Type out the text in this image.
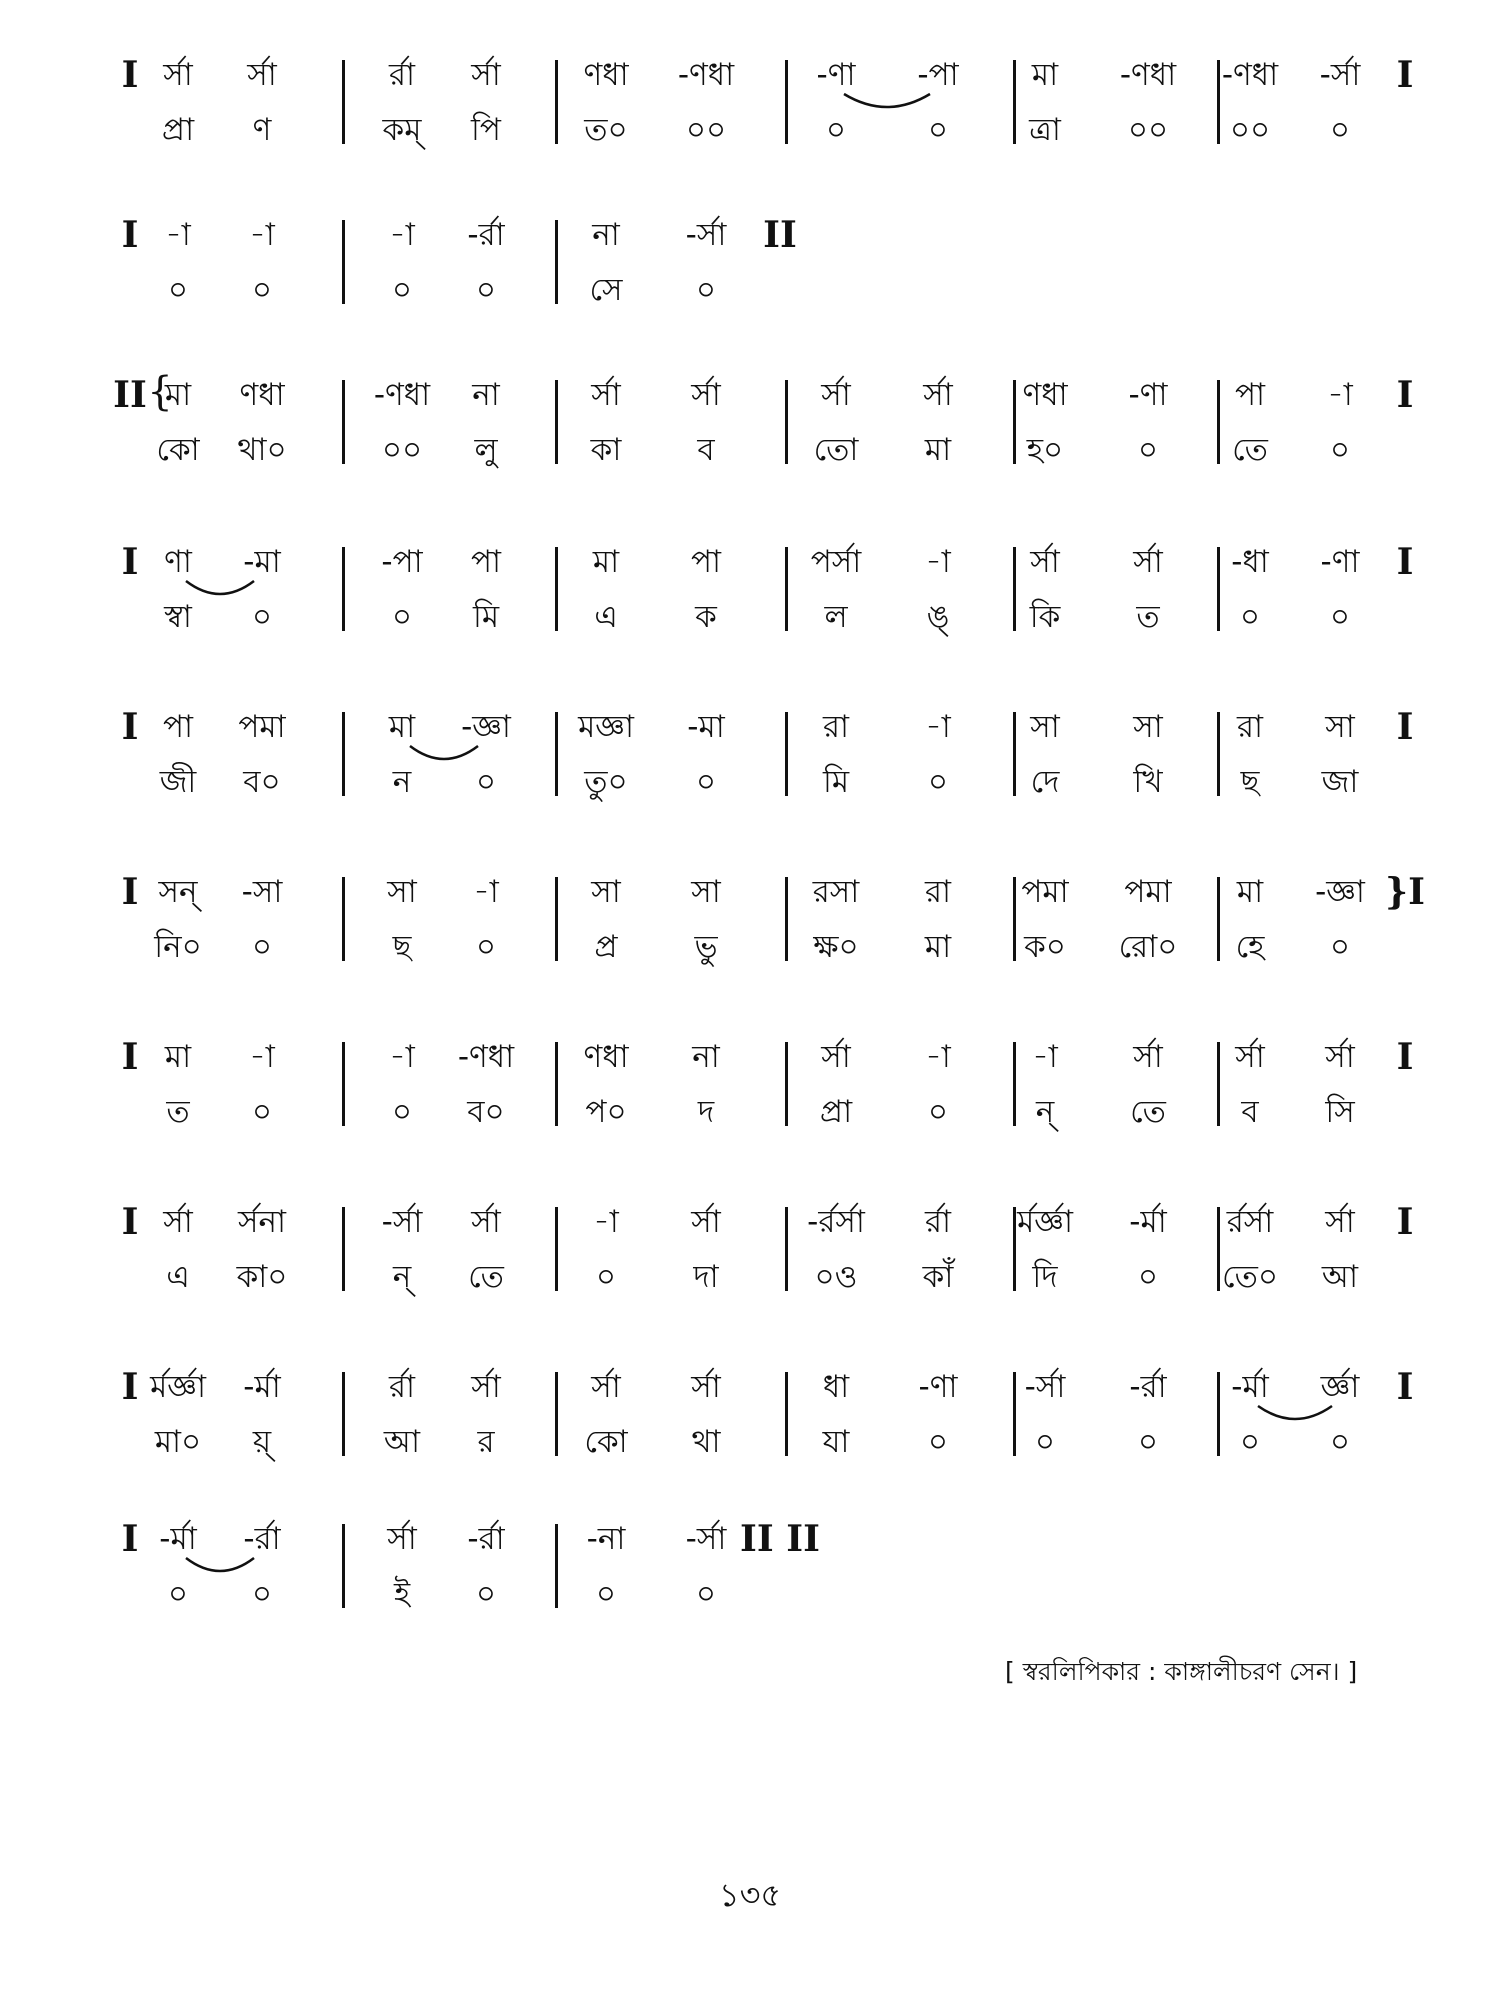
I র্সা
প্রা
র্সা
ণ
র্রা
কম্
র্সা
পি
ণধা
ত০
-ণধা
০০
-ণা
০
-পা
০
মা
ত্রা
-ণধা
০০
-ণধা
০০
-র্সা
০
I
I -া
০
-া
০
-া
০
-র্রা
০
না
সে
-র্সা
০
II
II {
মা
কো
ণধা
থা০
-ণধা
০০
না
লু
র্সা
কা
র্সা
ব
র্সা
তো
র্সা
মা
ণধা
হ০
-ণা
০
পা
তে
-া
০
I
I ণা
স্বা
-মা
০
-পা
০
পা
মি
মা
এ
পা
ক
পর্সা
ল
-া
ঙ্
র্সা
কি
র্সা
ত
-ধা
০
-ণা
০
I
I পা
জী
পমা
ব০
মা
ন
-জ্ঞা
০
মজ্ঞা
তু০
-মা
০
রা
মি
-া
০
সা
দে
সা
খি
রা
ছ
সা
জা
I
I সন্
নি০
-সা
০
সা
ছ
-া
০
সা
প্র
সা
ভু
রসা
ক্ষ০
রা
মা
পমা
ক০
পমা
রো০
মা
হে
-জ্ঞা
০
}I
I মা
ত
-া
০
-া
০
-ণধা
ব০
ণধা
প০
না
দ
র্সা
প্রা
-া
০
-া
ন্
র্সা
তে
র্সা
ব
র্সা
সি
I
I র্সা
এ
র্সনা
কা০
-র্সা
ন্
র্সা
তে
-া
০
র্সা
দা
-র্রর্সা
০ও
র্রা
কাঁ
র্মর্জ্ঞা
দি
-র্মা
০
র্রর্সা
তে০
র্সা
আ
I
I র্মর্জ্ঞা
মা০
-র্মা
য়্
র্রা
আ
র্সা
র
র্সা
কো
র্সা
থা
ধা
যা
-ণা
০
-র্সা
০
-র্রা
০
-র্মা
০
র্জ্ঞা
০
I
I -র্মা
০
-র্রা
০
র্সা
ই
-র্রা
০
-না
০
-র্সা
০
II II
[ স্বরলিপিকার : কাঙ্গালীচরণ সেন। ]
১৩৫
